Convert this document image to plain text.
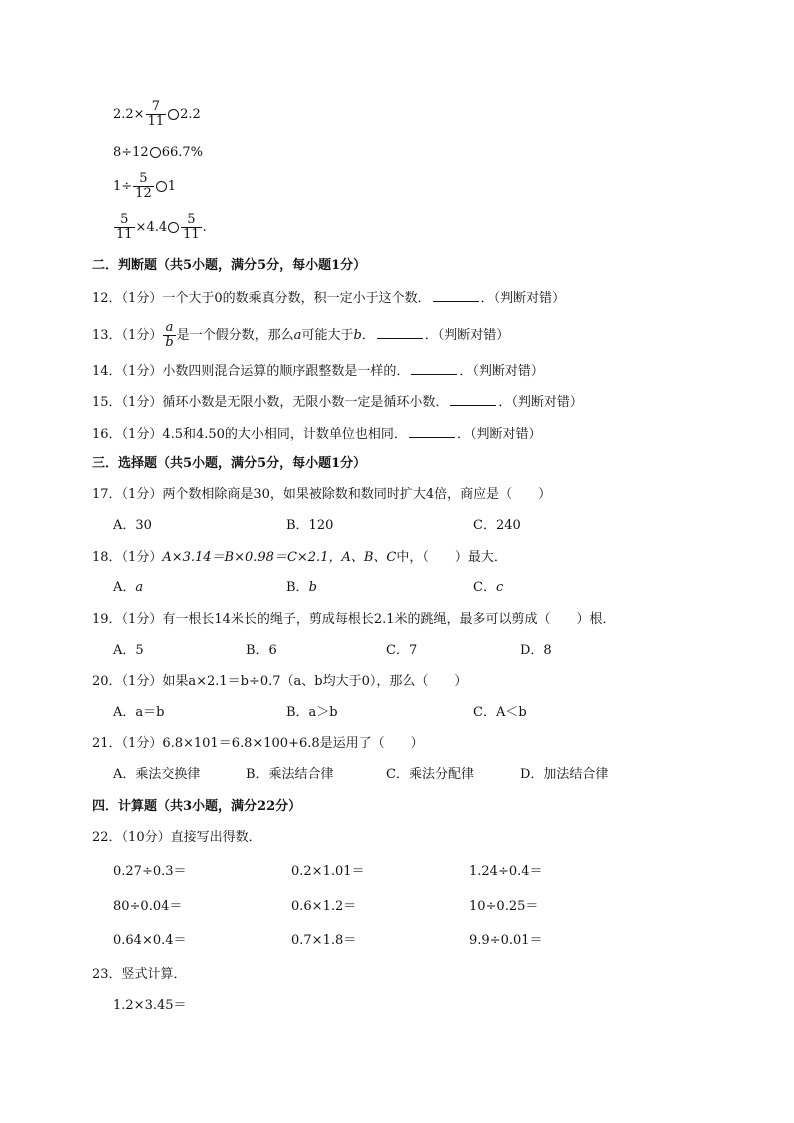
$2.2\times \frac{7}{11} 2.2$
8÷12 66.7%
$1\div \frac{5}{12} 1$
$\frac{5}{11} \times 4.4 \frac{5}{11}$ .
二．判断题（共5小题，满分5分，每小题1分）
12．（1分）一个大于0的数乘真分数，积一定小于这个数．	．（判断对错）
13．（1分） $\frac{a}{b}$ 是一个假分数，那么a可能大于b．	．（判断对错）
14．（1分）小数四则混合运算的顺序跟整数是一样的．	．（判断对错）
15．（1分）循环小数是无限小数，无限小数一定是循环小数．	．（判断对错）
16．（1分）4.5和4.50的大小相同，计数单位也相同．	．（判断对错）
三．选择题（共5小题，满分5分，每小题1分）
17．（1分）两个数相除商是30，如果被除数和数同时扩大4倍，商应是（　　）
A．30	B．120	C．240
18．（1分）A×3.14＝B×0.98＝C×2.1，A、B、C中，（　　）最大．
A．a	B．b	C．c
19．（1分）有一根长14米长的绳子，剪成每根长2.1米的跳绳，最多可以剪成（　　）根．
A．5	B．6	C．7	D．8
20．（1分）如果a×2.1＝b÷0.7（a、b均大于0），那么（　　）
A．a＝b	B．a＞b	C．A＜b
21．（1分）6.8×101＝6.8×100+6.8是运用了（　　）
A．乘法交换律	B．乘法结合律	C．乘法分配律	D．加法结合律
四．计算题（共3小题，满分22分）
22．（10分）直接写出得数．
0.27÷0.3＝	0.2×1.01＝	1.24÷0.4＝
80÷0.04＝	0.6×1.2＝	10÷0.25＝
0.64×0.4＝	0.7×1.8＝	9.9÷0.01＝
23．竖式计算．
1.2×3.45＝
